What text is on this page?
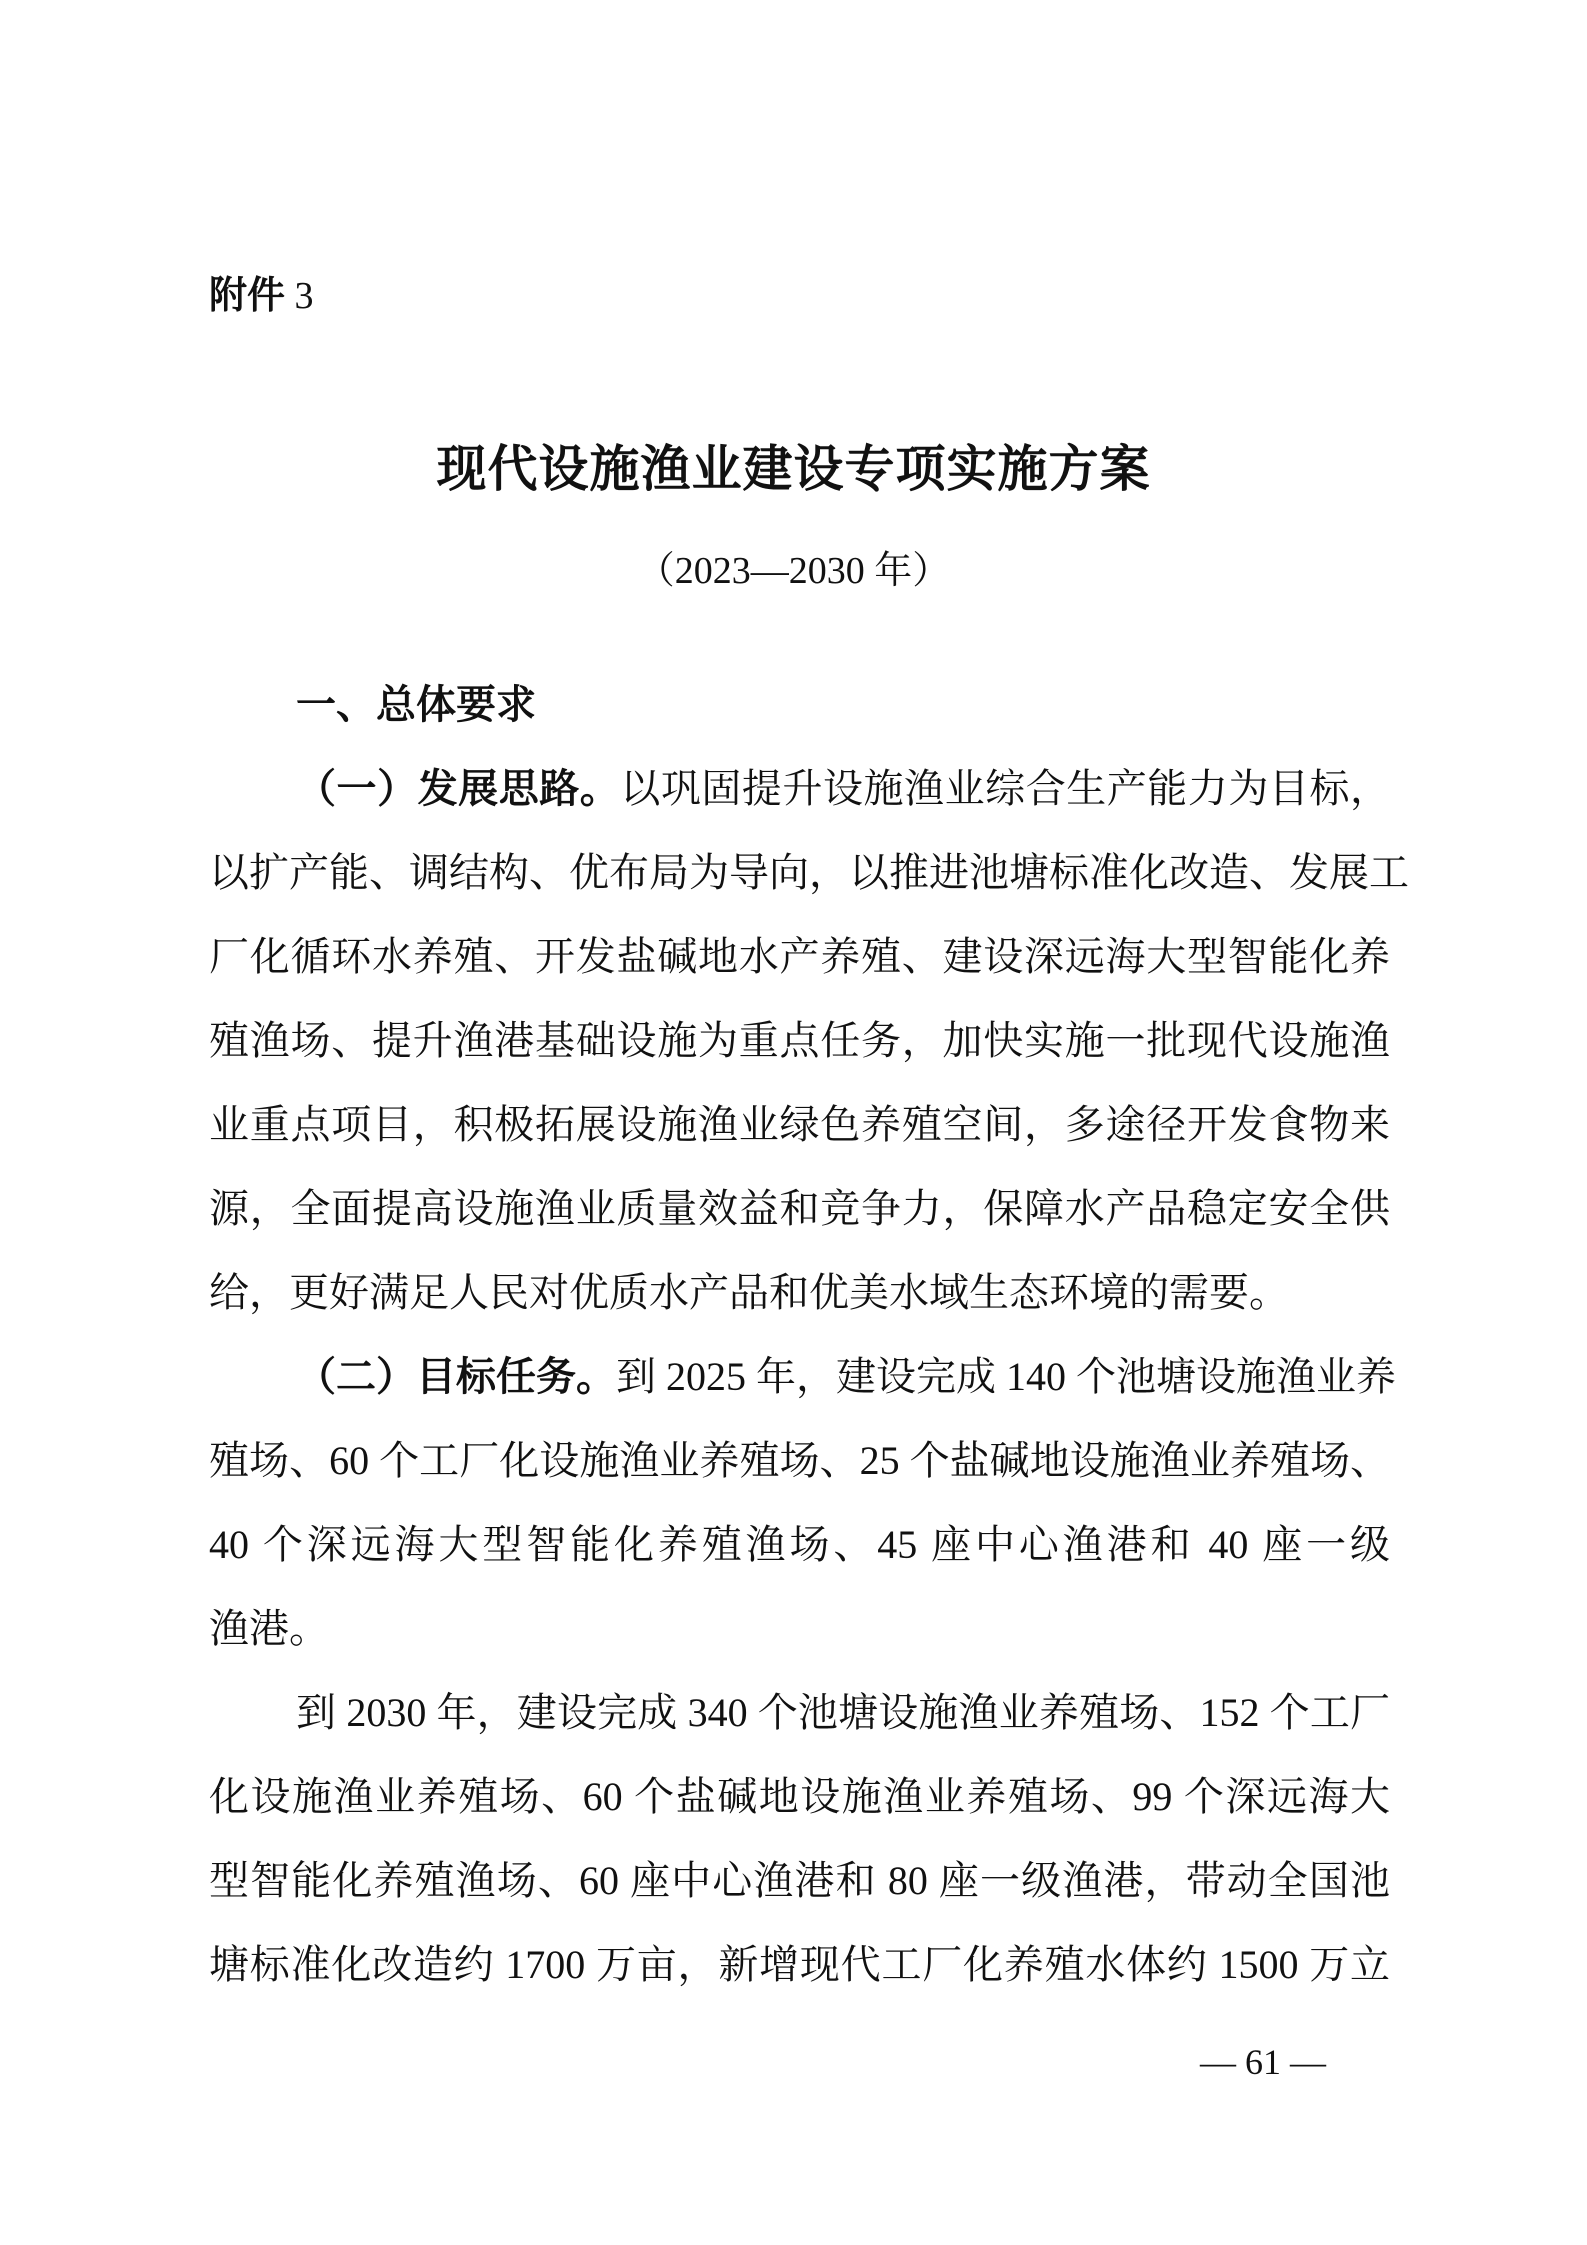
附件 3
现代设施渔业建设专项实施方案
（2023—2030 年）
一、总体要求
（一）发展思路。以巩固提升设施渔业综合生产能力为目标，
以扩产能、调结构、优布局为导向，以推进池塘标准化改造、发展工
厂化循环水养殖、开发盐碱地水产养殖、建设深远海大型智能化养
殖渔场、提升渔港基础设施为重点任务，加快实施一批现代设施渔
业重点项目，积极拓展设施渔业绿色养殖空间，多途径开发食物来
源，全面提高设施渔业质量效益和竞争力，保障水产品稳定安全供
给，更好满足人民对优质水产品和优美水域生态环境的需要。
（二）目标任务。到 2025 年，建设完成 140 个池塘设施渔业养
殖场、60 个工厂化设施渔业养殖场、25 个盐碱地设施渔业养殖场、
40 个深远海大型智能化养殖渔场、45 座中心渔港和 40 座一级
渔港。
到 2030 年，建设完成 340 个池塘设施渔业养殖场、152 个工厂
化设施渔业养殖场、60 个盐碱地设施渔业养殖场、99 个深远海大
型智能化养殖渔场、60 座中心渔港和 80 座一级渔港，带动全国池
塘标准化改造约 1700 万亩，新增现代工厂化养殖水体约 1500 万立
— 61 —
